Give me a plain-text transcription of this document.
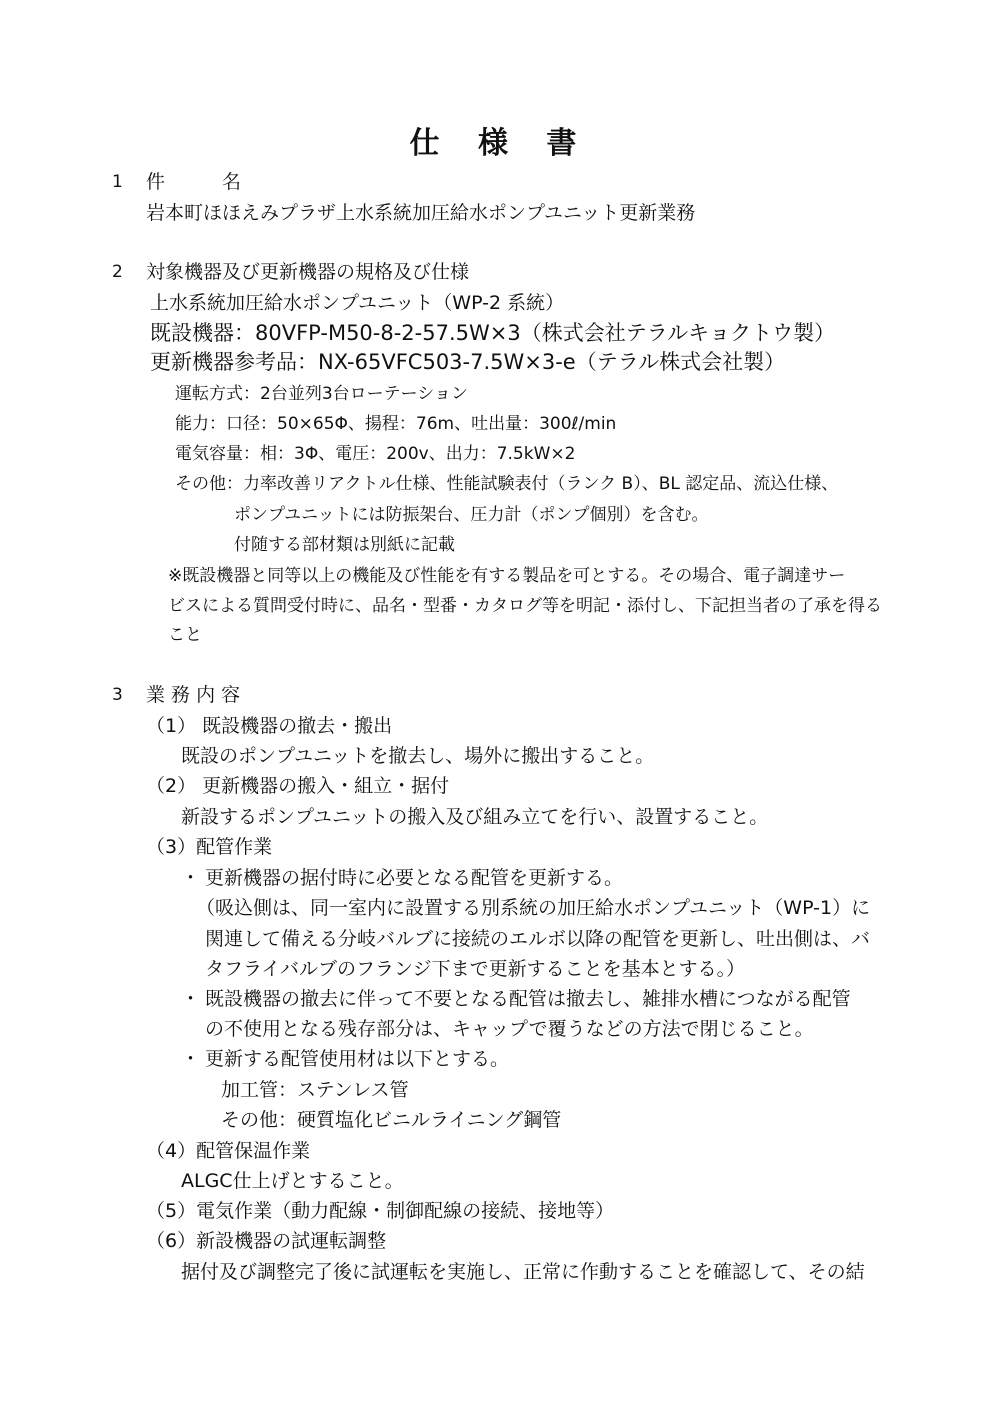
仕 様 書
1 件　　　名
岩本町ほほえみプラザ上水系統加圧給水ポンプユニット更新業務
2 対象機器及び更新機器の規格及び仕様
上水系統加圧給水ポンプユニット（WP-2 系統）
既設機器：80VFP-M50-8-2-57.5W×3（株式会社テラルキョクトウ製）
更新機器参考品：NX-65VFC503-7.5W×3-e（テラル株式会社製）
運転方式：2台並列3台ローテーション
能力：口径：50×65Φ、揚程：76m、吐出量：300ℓ/min
電気容量：相：3Φ、電圧：200v、出力：7.5kW×2
その他：力率改善リアクトル仕様、性能試験表付（ランク B）、BL 認定品、流込仕様、
ポンプユニットには防振架台、圧力計（ポンプ個別）を含む。
付随する部材類は別紙に記載
※既設機器と同等以上の機能及び性能を有する製品を可とする。その場合、電子調達サー
ビスによる質問受付時に、品名・型番・カタログ等を明記・添付し、下記担当者の了承を得る
こと
3 業 務 内 容
（1） 既設機器の撤去・搬出
既設のポンプユニットを撤去し、場外に搬出すること。
（2） 更新機器の搬入・組立・据付
新設するポンプユニットの搬入及び組み立てを行い、設置すること。
（3）配管作業
・ 更新機器の据付時に必要となる配管を更新する。
（吸込側は、同一室内に設置する別系統の加圧給水ポンプユニット（WP-1）に
関連して備える分岐バルブに接続のエルボ以降の配管を更新し、吐出側は、バ
タフライバルブのフランジ下まで更新することを基本とする。）
・ 既設機器の撤去に伴って不要となる配管は撤去し、雑排水槽につながる配管
の不使用となる残存部分は、キャップで覆うなどの方法で閉じること。
・ 更新する配管使用材は以下とする。
加工管：ステンレス管
その他：硬質塩化ビニルライニング鋼管
（4）配管保温作業
ALGC仕上げとすること。
（5）電気作業（動力配線・制御配線の接続、接地等）
（6）新設機器の試運転調整
据付及び調整完了後に試運転を実施し、正常に作動することを確認して、その結
